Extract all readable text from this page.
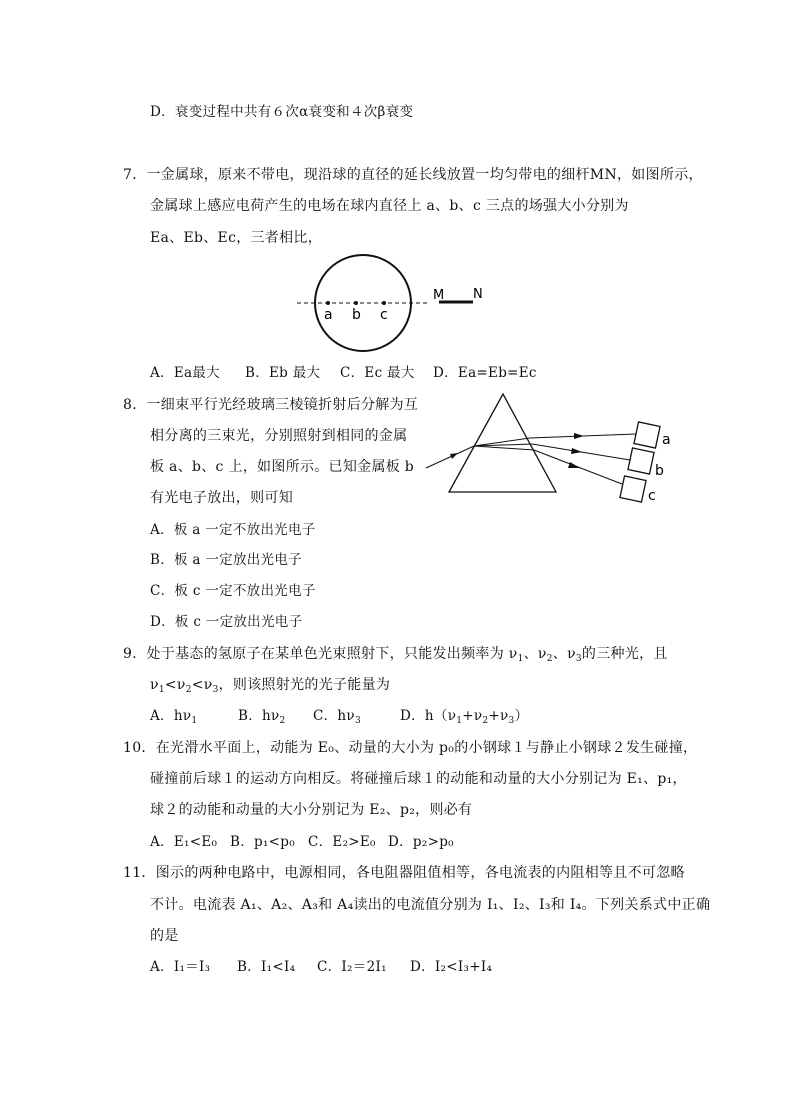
D．衰变过程中共有６次α衰变和４次β衰变
7．一金属球，原来不带电，现沿球的直径的延长线放置一均匀带电的细杆MN，如图所示，
金属球上感应电荷产生的电场在球内直径上 a、b、c 三点的场强大小分别为
Ea、Eb、Ec，三者相比，
a b c
M N
A．Ea最大 B．Eb 最大 C．Ec 最大 D．Ea=Eb=Ec
8．一细束平行光经玻璃三棱镜折射后分解为互
相分离的三束光，分别照射到相同的金属
板 a、b、c 上，如图所示。已知金属板 b
有光电子放出，则可知
a
b
c
A．板 a 一定不放出光电子
B．板 a 一定放出光电子
C．板 c 一定不放出光电子
D．板 c 一定放出光电子
9．处于基态的氢原子在某单色光束照射下，只能发出频率为 $\nu_1$、$\nu_2$、$\nu_3$的三种光，且
$\nu_1<\nu_2<\nu_3$，则该照射光的光子能量为
A．$h\nu_1$	B．$h\nu_2$ C．$h\nu_3$	D．$h(\nu_1+\nu_2+\nu_3)$
10．在光滑水平面上，动能为 E₀、动量的大小为 p₀的小钢球１与静止小钢球２发生碰撞，
碰撞前后球１的运动方向相反。将碰撞后球１的动能和动量的大小分别记为 E₁、p₁，
球２的动能和动量的大小分别记为 E₂、p₂，则必有
A．E₁<E₀ B．p₁<p₀ C．E₂>E₀ D．p₂>p₀
11．图示的两种电路中，电源相同，各电阻器阻值相等，各电流表的内阻相等且不可忽略
不计。电流表 A₁、A₂、A₃和 A₄读出的电流值分别为 I₁、I₂、I₃和 I₄。下列关系式中正确
的是
A．I₁＝I₃ B．I₁<I₄ C．I₂＝2I₁ D．I₂<I₃+I₄
